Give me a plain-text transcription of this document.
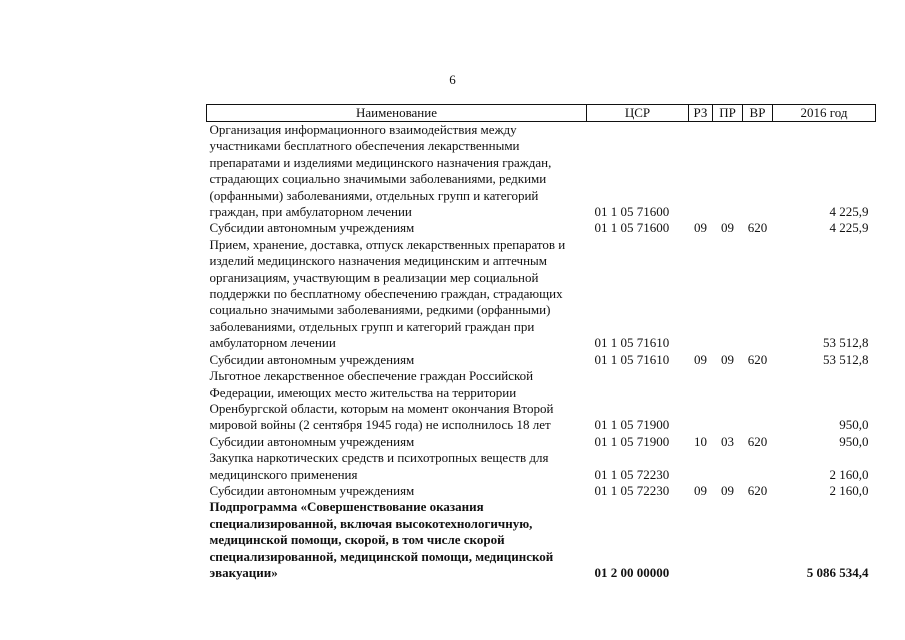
6
Наименование	ЦСР	РЗ	ПР	ВР	2016 год
Организация информационного взаимодействия между участниками бесплатного обеспечения лекарственными препаратами и изделиями медицинского назначения граждан, страдающих социально значимыми заболеваниями, редкими (орфанными) заболеваниями, отдельных групп и категорий граждан, при амбулаторном лечении	01 1 05 71600				4 225,9
Субсидии автономным учреждениям	01 1 05 71600	09	09	620	4 225,9
Прием, хранение, доставка, отпуск лекарственных препаратов и изделий медицинского назначения медицинским и аптечным организациям, участвующим в реализации мер социальной поддержки по бесплатному обеспечению граждан, страдающих социально значимыми заболеваниями, редкими (орфанными) заболеваниями, отдельных групп и категорий граждан при амбулаторном лечении	01 1 05 71610				53 512,8
Субсидии автономным учреждениям	01 1 05 71610	09	09	620	53 512,8
Льготное лекарственное обеспечение граждан Российской Федерации, имеющих место жительства на территории Оренбургской области, которым на момент окончания Второй мировой войны (2 сентября 1945 года) не исполнилось 18 лет	01 1 05 71900				950,0
Субсидии автономным учреждениям	01 1 05 71900	10	03	620	950,0
Закупка наркотических средств и психотропных веществ для медицинского применения	01 1 05 72230				2 160,0
Субсидии автономным учреждениям	01 1 05 72230	09	09	620	2 160,0
Подпрограмма «Совершенствование оказания специализированной, включая высокотехнологичную, медицинской помощи, скорой, в том числе скорой специализированной, медицинской помощи, медицинской эвакуации»	01 2 00 00000				5 086 534,4
